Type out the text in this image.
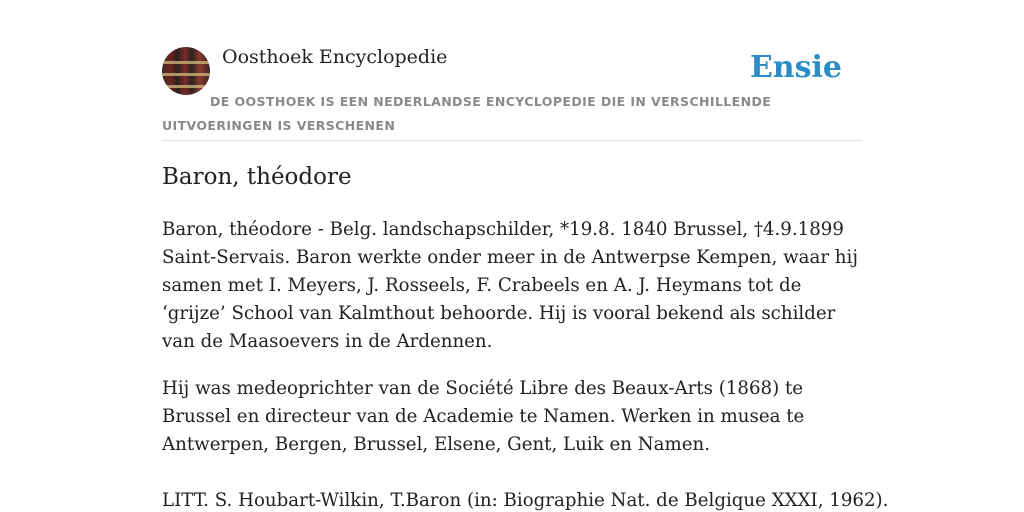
Oosthoek Encyclopedie	Ensie
DE OOSTHOEK IS EEN NEDERLANDSE ENCYCLOPEDIE DIE IN VERSCHILLENDE UITVOERINGEN IS VERSCHENEN
Baron, théodore

Baron, théodore - Belg. landschapschilder, *19.8. 1840 Brussel, †4.9.1899 Saint-Servais. Baron werkte onder meer in de Antwerpse Kempen, waar hij samen met I. Meyers, J. Rosseels, F. Crabeels en A. J. Heymans tot de ‘grijze’ School van Kalmthout behoorde. Hij is vooral bekend als schilder van de Maasoevers in de Ardennen.

Hij was medeoprichter van de Société Libre des Beaux-Arts (1868) te Brussel en directeur van de Academie te Namen. Werken in musea te Antwerpen, Bergen, Brussel, Elsene, Gent, Luik en Namen.

LITT. S. Houbart-Wilkin, T.Baron (in: Biographie Nat. de Belgique XXXI, 1962).
